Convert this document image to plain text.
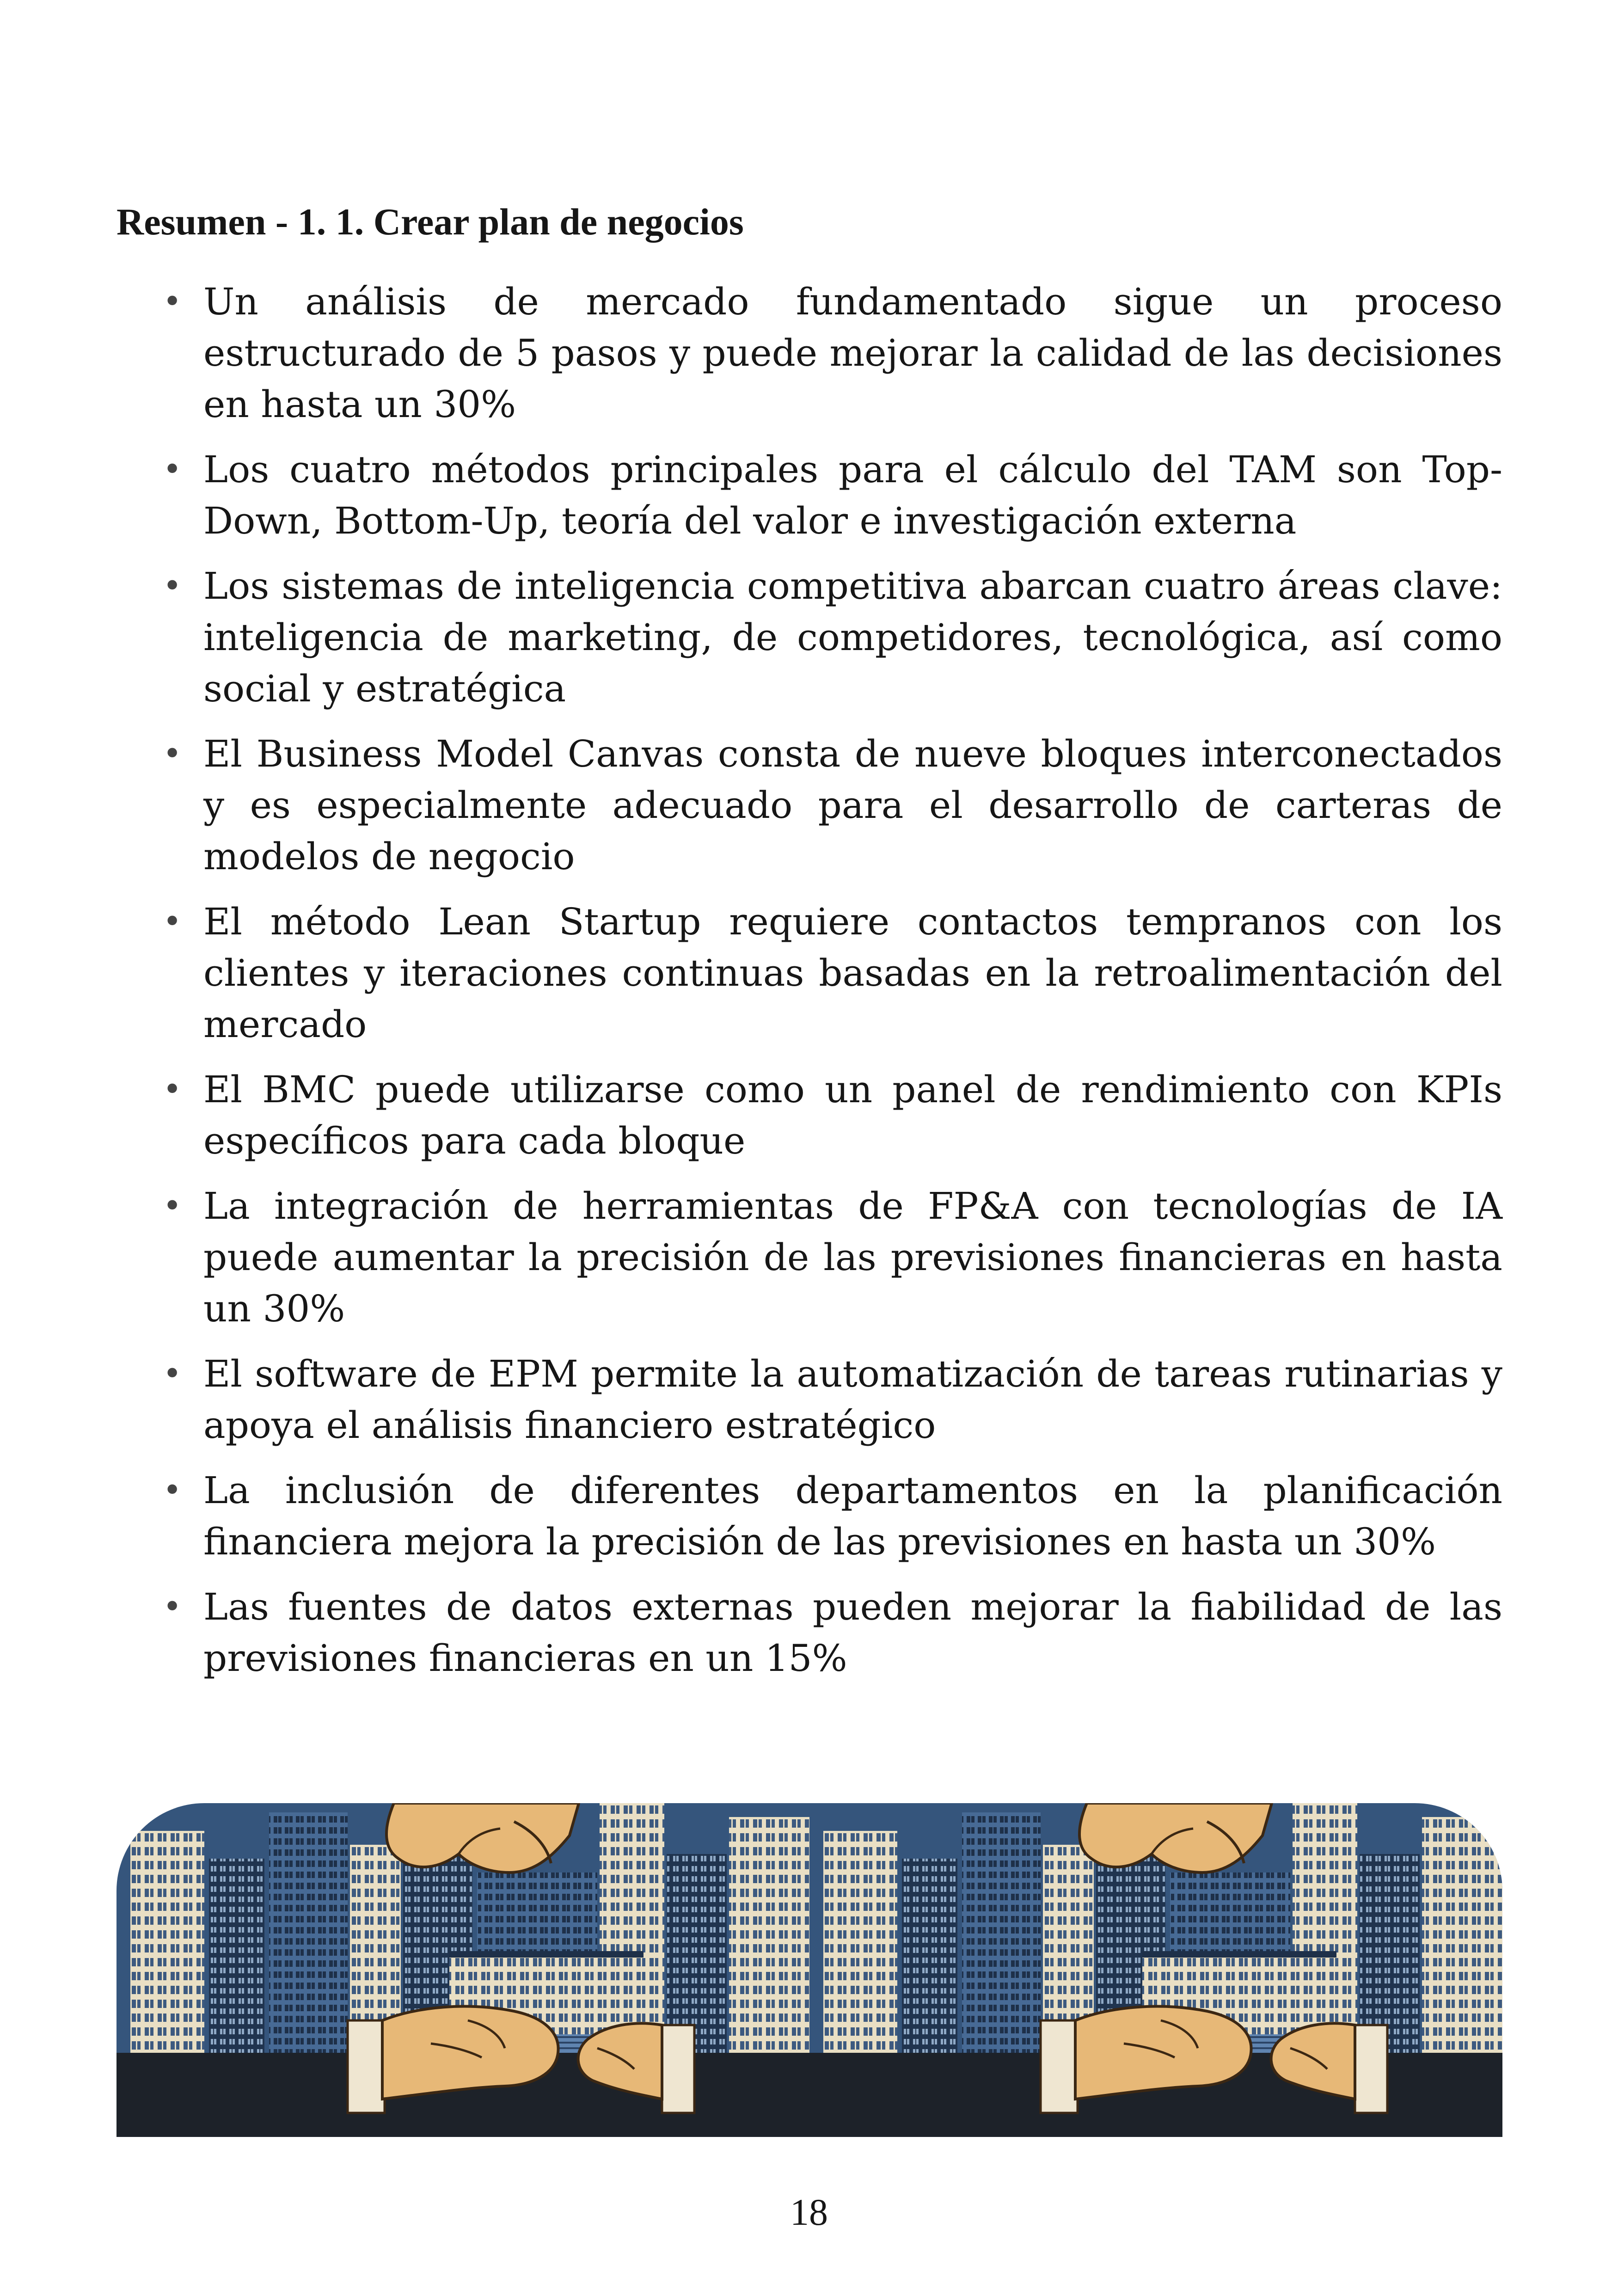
Resumen - 1. 1. Crear plan de negocios
• Un análisis de mercado fundamentado sigue un proceso estructurado de 5 pasos y puede mejorar la calidad de las decisiones en hasta un 30%
• Los cuatro métodos principales para el cálculo del TAM son Top-Down, Bottom-Up, teoría del valor e investigación externa
• Los sistemas de inteligencia competitiva abarcan cuatro áreas clave: inteligencia de marketing, de competidores, tecnológica, así como social y estratégica
• El Business Model Canvas consta de nueve bloques interconectados y es especialmente adecuado para el desarrollo de carteras de modelos de negocio
• El método Lean Startup requiere contactos tempranos con los clientes y iteraciones continuas basadas en la retroalimentación del mercado
• El BMC puede utilizarse como un panel de rendimiento con KPIs específicos para cada bloque
• La integración de herramientas de FP&A con tecnologías de IA puede aumentar la precisión de las previsiones financieras en hasta un 30%
• El software de EPM permite la automatización de tareas rutinarias y apoya el análisis financiero estratégico
• La inclusión de diferentes departamentos en la planificación financiera mejora la precisión de las previsiones en hasta un 30%
• Las fuentes de datos externas pueden mejorar la fiabilidad de las previsiones financieras en un 15%
18
